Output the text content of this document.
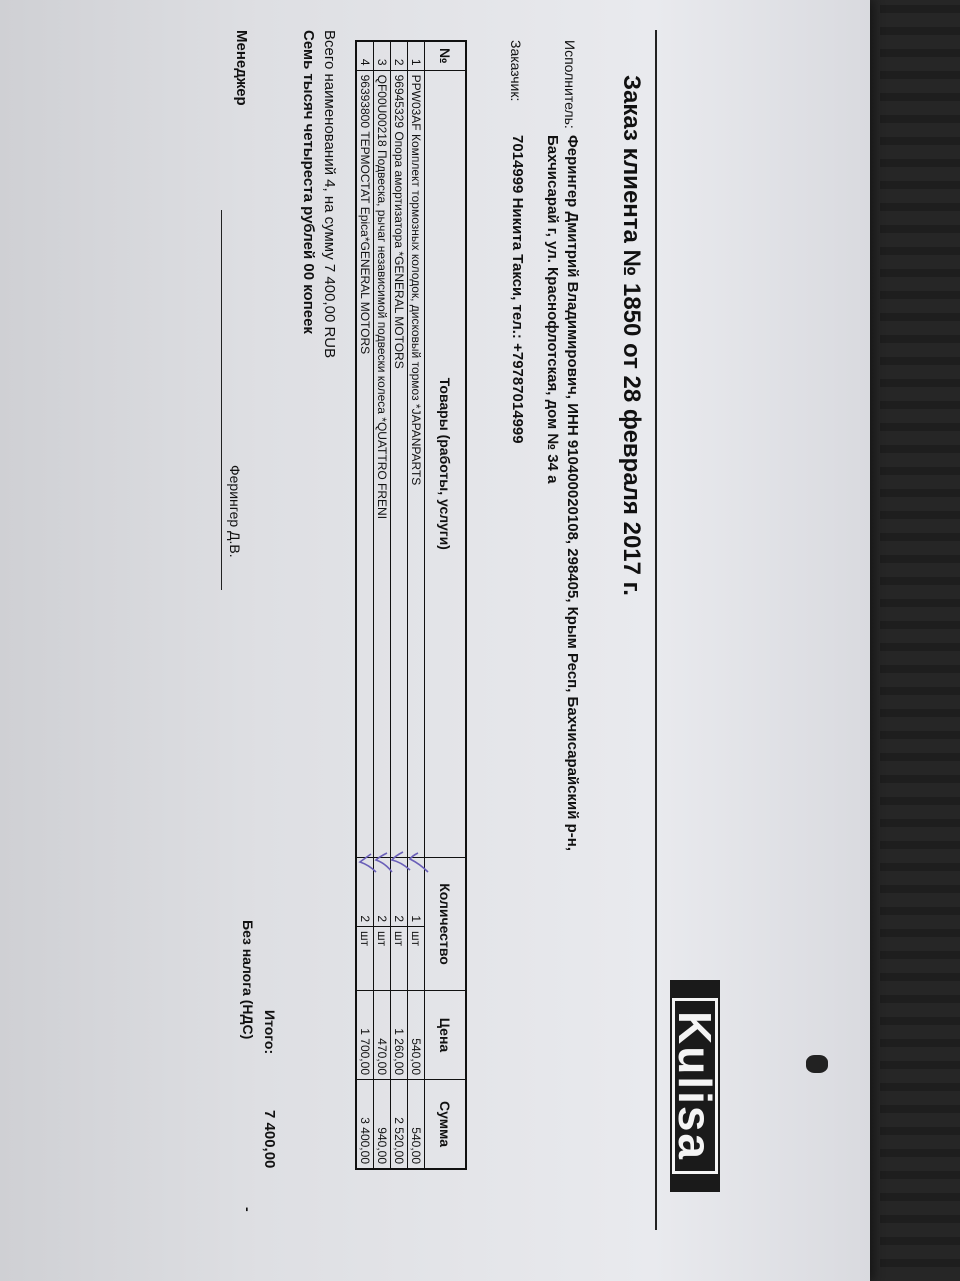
Kulisa
Заказ клиента № 1850 от 28 февраля 2017 г.
Исполнитель:
Ферингер Дмитрий Владимирович, ИНН 910400020108, 298405, Крым Респ, Бахчисарайский р-н,
Бахчисарай г, ул. Краснофлотская, дом № 34 а
Заказчик:
7014999 Никита Такси, тел.: +79787014999
№	Товары (работы, услуги)	Количество		Цена	Сумма
1	PPW03AF Комплект тормозных колодок, дисковый тормоз *JAPANPARTS	1	шт	540,00	540,00
2	96945329 Опора амортизатора *GENERAL MOTORS	2	шт	1 260,00	2 520,00
3	QF00U00218 Подвеска, рычаг независимой подвески колеса *QUATTRO FRENI	2	шт	470,00	940,00
4	96393800 ТЕРМОСТАТ Epica*GENERAL MOTORS	2	шт	1 700,00	3 400,00
Всего наименований 4, на сумму 7 400,00 RUB
Семь тысяч четыреста рублей 00 копеек
Итого:
7 400,00
Без налога (НДС)  -
Менеджер
Ферингер Д.В.
